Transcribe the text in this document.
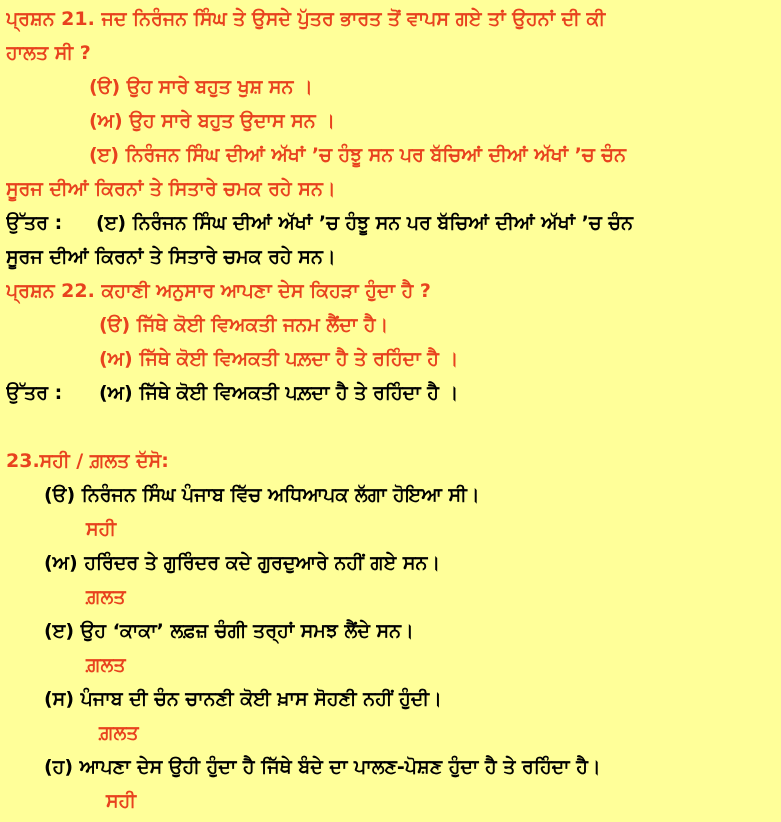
ਪ੍ਰਸ਼ਨ 21. ਜਦ ਨਿਰੰਜਨ ਸਿੰਘ ਤੇ ਉਸਦੇ ਪੁੱਤਰ ਭਾਰਤ ਤੋਂ ਵਾਪਸ ਗਏ ਤਾਂ ਉਹਨਾਂ ਦੀ ਕੀ
ਹਾਲਤ ਸੀ ?
(ੳ) ਉਹ ਸਾਰੇ ਬਹੁਤ ਖੁਸ਼ ਸਨ ।
(ਅ) ਉਹ ਸਾਰੇ ਬਹੁਤ ਉਦਾਸ ਸਨ ।
(ੲ) ਨਿਰੰਜਨ ਸਿੰਘ ਦੀਆਂ ਅੱਖਾਂ ’ਚ ਹੰਝੂ ਸਨ ਪਰ ਬੱਚਿਆਂ ਦੀਆਂ ਅੱਖਾਂ ’ਚ ਚੰਨ
ਸੂਰਜ ਦੀਆਂ ਕਿਰਨਾਂ ਤੇ ਸਿਤਾਰੇ ਚਮਕ ਰਹੇ ਸਨ।
ਉੱਤਰ : (ੲ) ਨਿਰੰਜਨ ਸਿੰਘ ਦੀਆਂ ਅੱਖਾਂ ’ਚ ਹੰਝੂ ਸਨ ਪਰ ਬੱਚਿਆਂ ਦੀਆਂ ਅੱਖਾਂ ’ਚ ਚੰਨ
ਸੂਰਜ ਦੀਆਂ ਕਿਰਨਾਂ ਤੇ ਸਿਤਾਰੇ ਚਮਕ ਰਹੇ ਸਨ।
ਪ੍ਰਸ਼ਨ 22. ਕਹਾਣੀ ਅਨੁਸਾਰ ਆਪਣਾ ਦੇਸ ਕਿਹੜਾ ਹੁੰਦਾ ਹੈ ?
(ੳ) ਜਿੱਥੇ ਕੋਈ ਵਿਅਕਤੀ ਜਨਮ ਲੈਂਦਾ ਹੈ।
(ਅ) ਜਿੱਥੇ ਕੋਈ ਵਿਅਕਤੀ ਪਲ਼ਦਾ ਹੈ ਤੇ ਰਹਿੰਦਾ ਹੈ ।
ਉੱਤਰ : (ਅ) ਜਿੱਥੇ ਕੋਈ ਵਿਅਕਤੀ ਪਲ਼ਦਾ ਹੈ ਤੇ ਰਹਿੰਦਾ ਹੈ ।
23.ਸਹੀ / ਗ਼ਲਤ ਦੱਸੋ:
(ੳ) ਨਿਰੰਜਨ ਸਿੰਘ ਪੰਜਾਬ ਵਿੱਚ ਅਧਿਆਪਕ ਲੱਗਾ ਹੋਇਆ ਸੀ।
ਸਹੀ
(ਅ) ਹਰਿੰਦਰ ਤੇ ਗੁਰਿੰਦਰ ਕਦੇ ਗੁਰਦੁਆਰੇ ਨਹੀਂ ਗਏ ਸਨ।
ਗ਼ਲਤ
(ੲ) ਉਹ ‘ਕਾਕਾ’ ਲਫ਼ਜ਼ ਚੰਗੀ ਤਰ੍ਹਾਂ ਸਮਝ ਲੈਂਦੇ ਸਨ।
ਗ਼ਲਤ
(ਸ) ਪੰਜਾਬ ਦੀ ਚੰਨ ਚਾਨਣੀ ਕੋਈ ਖ਼ਾਸ ਸੋਹਣੀ ਨਹੀਂ ਹੁੰਦੀ।
ਗ਼ਲਤ
(ਹ) ਆਪਣਾ ਦੇਸ ਉਹੀ ਹੁੰਦਾ ਹੈ ਜਿੱਥੇ ਬੰਦੇ ਦਾ ਪਾਲਣ-ਪੋਸ਼ਣ ਹੁੰਦਾ ਹੈ ਤੇ ਰਹਿੰਦਾ ਹੈ।
ਸਹੀ
